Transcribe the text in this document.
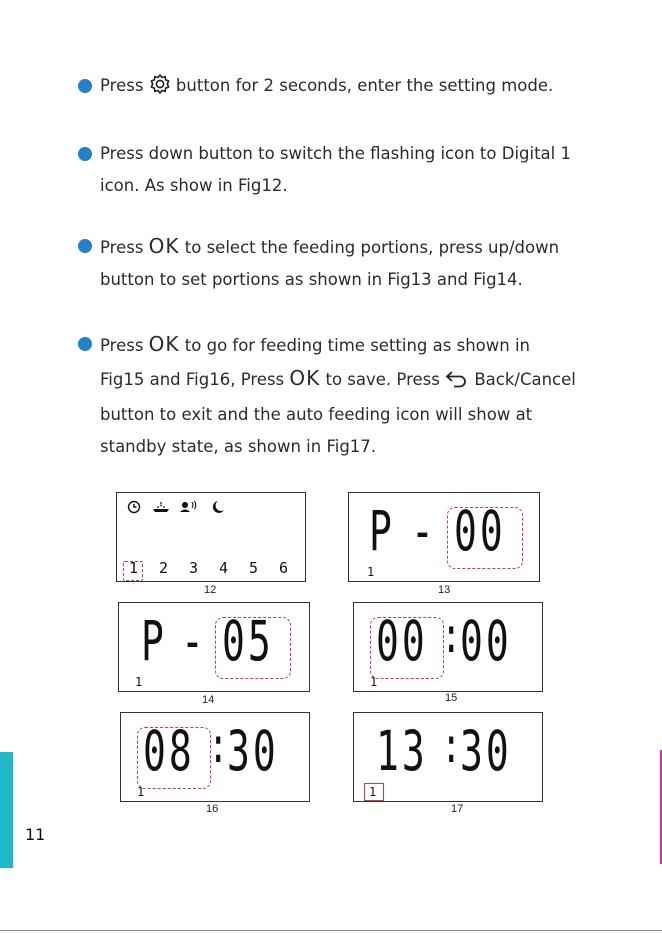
Press  button for 2 seconds, enter the setting mode.
Press down button to switch the flashing icon to Digital 1
icon. As show in Fig12.
Press OK to select the feeding portions, press up/down
button to set portions as shown in Fig13 and Fig14.
Press OK to go for feeding time setting as shown in
Fig15 and Fig16, Press OK to save. Press  Back/Cancel
button to exit and the auto feeding icon will show at
standby state, as shown in Fig17.
1 2 3 4 5 6
12
P - 00
1
13
P - 05
1
14
00 :
00
1
15
08 :
30
1
16
13 :
30
1
17
11
